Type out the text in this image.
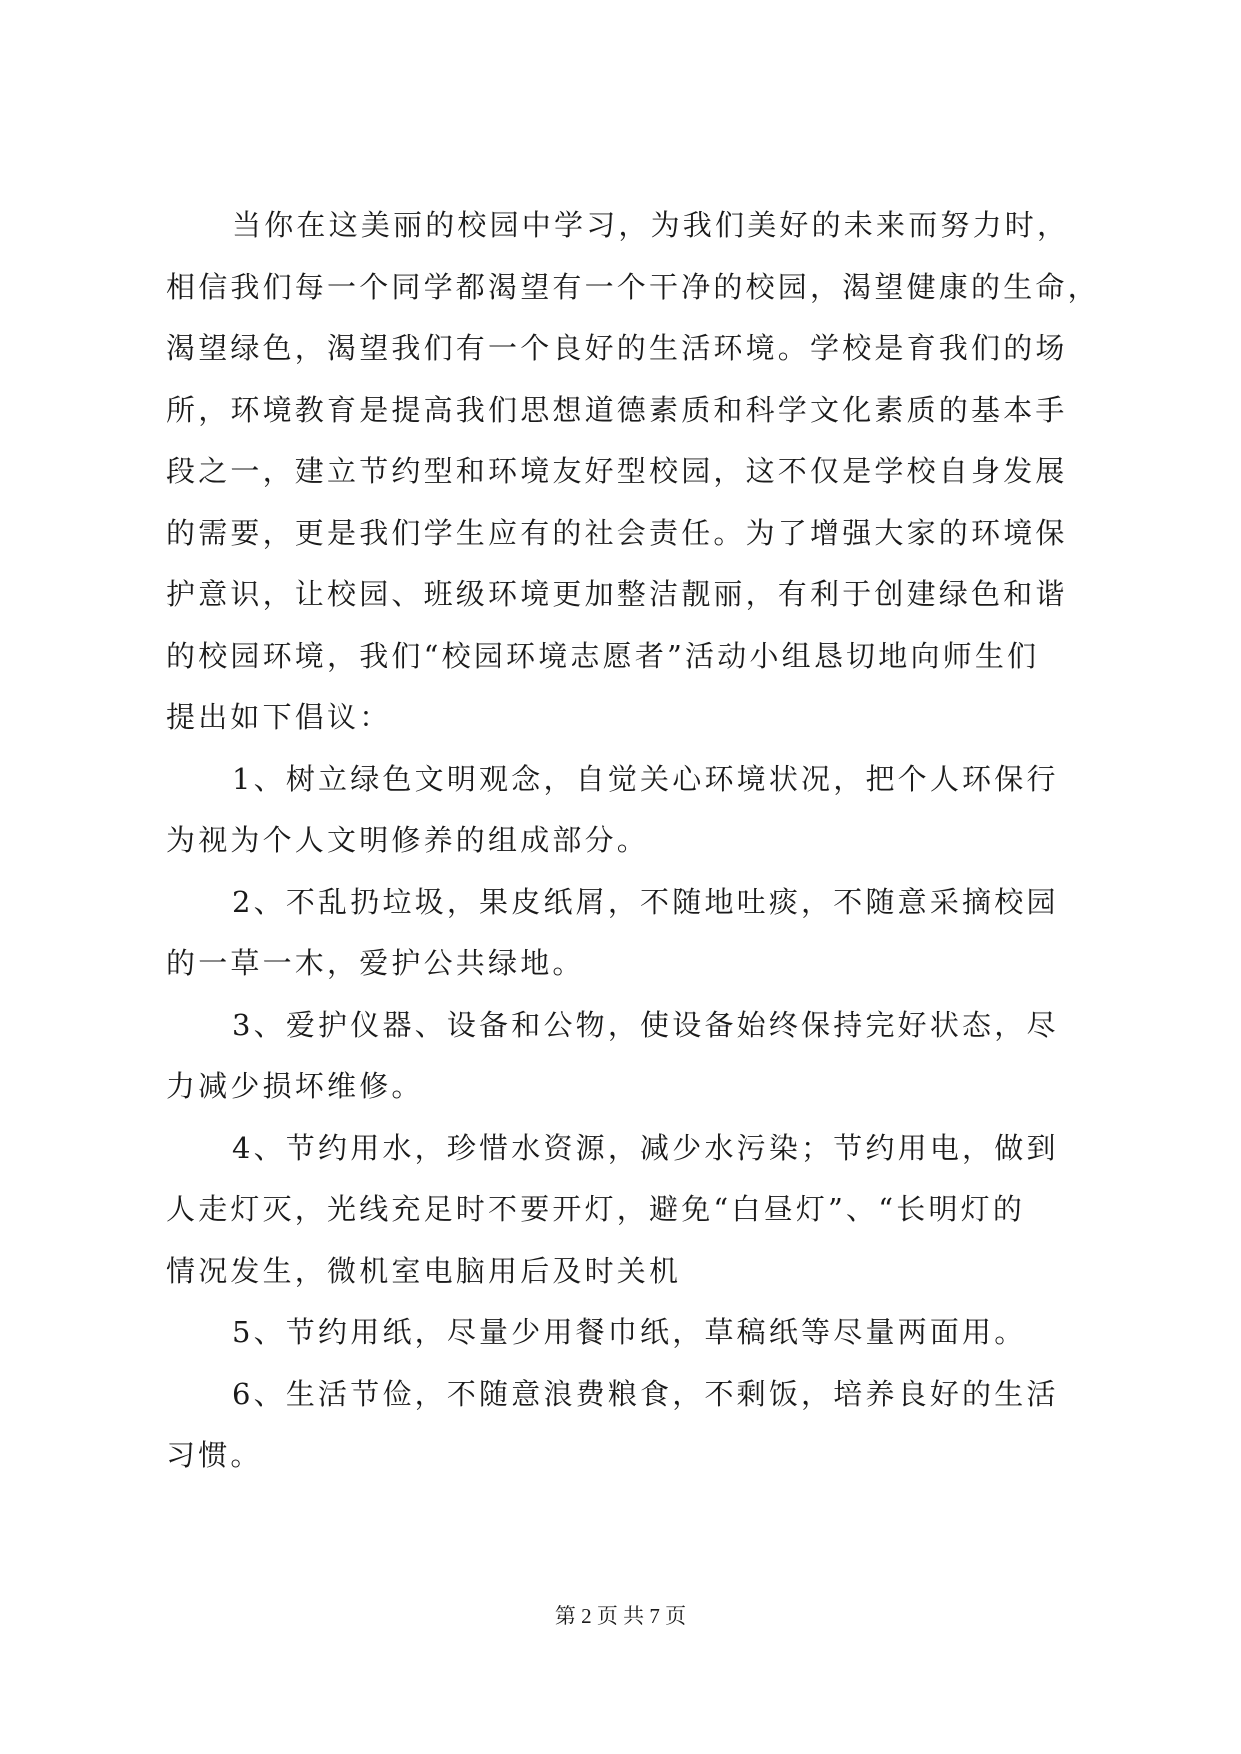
当你在这美丽的校园中学习，为我们美好的未来而努力时，
相信我们每一个同学都渴望有一个干净的校园，渴望健康的生命，
渴望绿色，渴望我们有一个良好的生活环境。学校是育我们的场
所，环境教育是提高我们思想道德素质和科学文化素质的基本手
段之一，建立节约型和环境友好型校园，这不仅是学校自身发展
的需要，更是我们学生应有的社会责任。为了增强大家的环境保
护意识，让校园、班级环境更加整洁靓丽，有利于创建绿色和谐
的校园环境，我们“校园环境志愿者”活动小组恳切地向师生们
提出如下倡议：
1、树立绿色文明观念，自觉关心环境状况，把个人环保行
为视为个人文明修养的组成部分。
2、不乱扔垃圾，果皮纸屑，不随地吐痰，不随意采摘校园
的一草一木，爱护公共绿地。
3、爱护仪器、设备和公物，使设备始终保持完好状态，尽
力减少损坏维修。
4、节约用水，珍惜水资源，减少水污染；节约用电，做到
人走灯灭，光线充足时不要开灯，避免“白昼灯”、“长明灯的
情况发生，微机室电脑用后及时关机
5、节约用纸，尽量少用餐巾纸，草稿纸等尽量两面用。
6、生活节俭，不随意浪费粮食，不剩饭，培养良好的生活
习惯。
第 2 页 共 7 页
